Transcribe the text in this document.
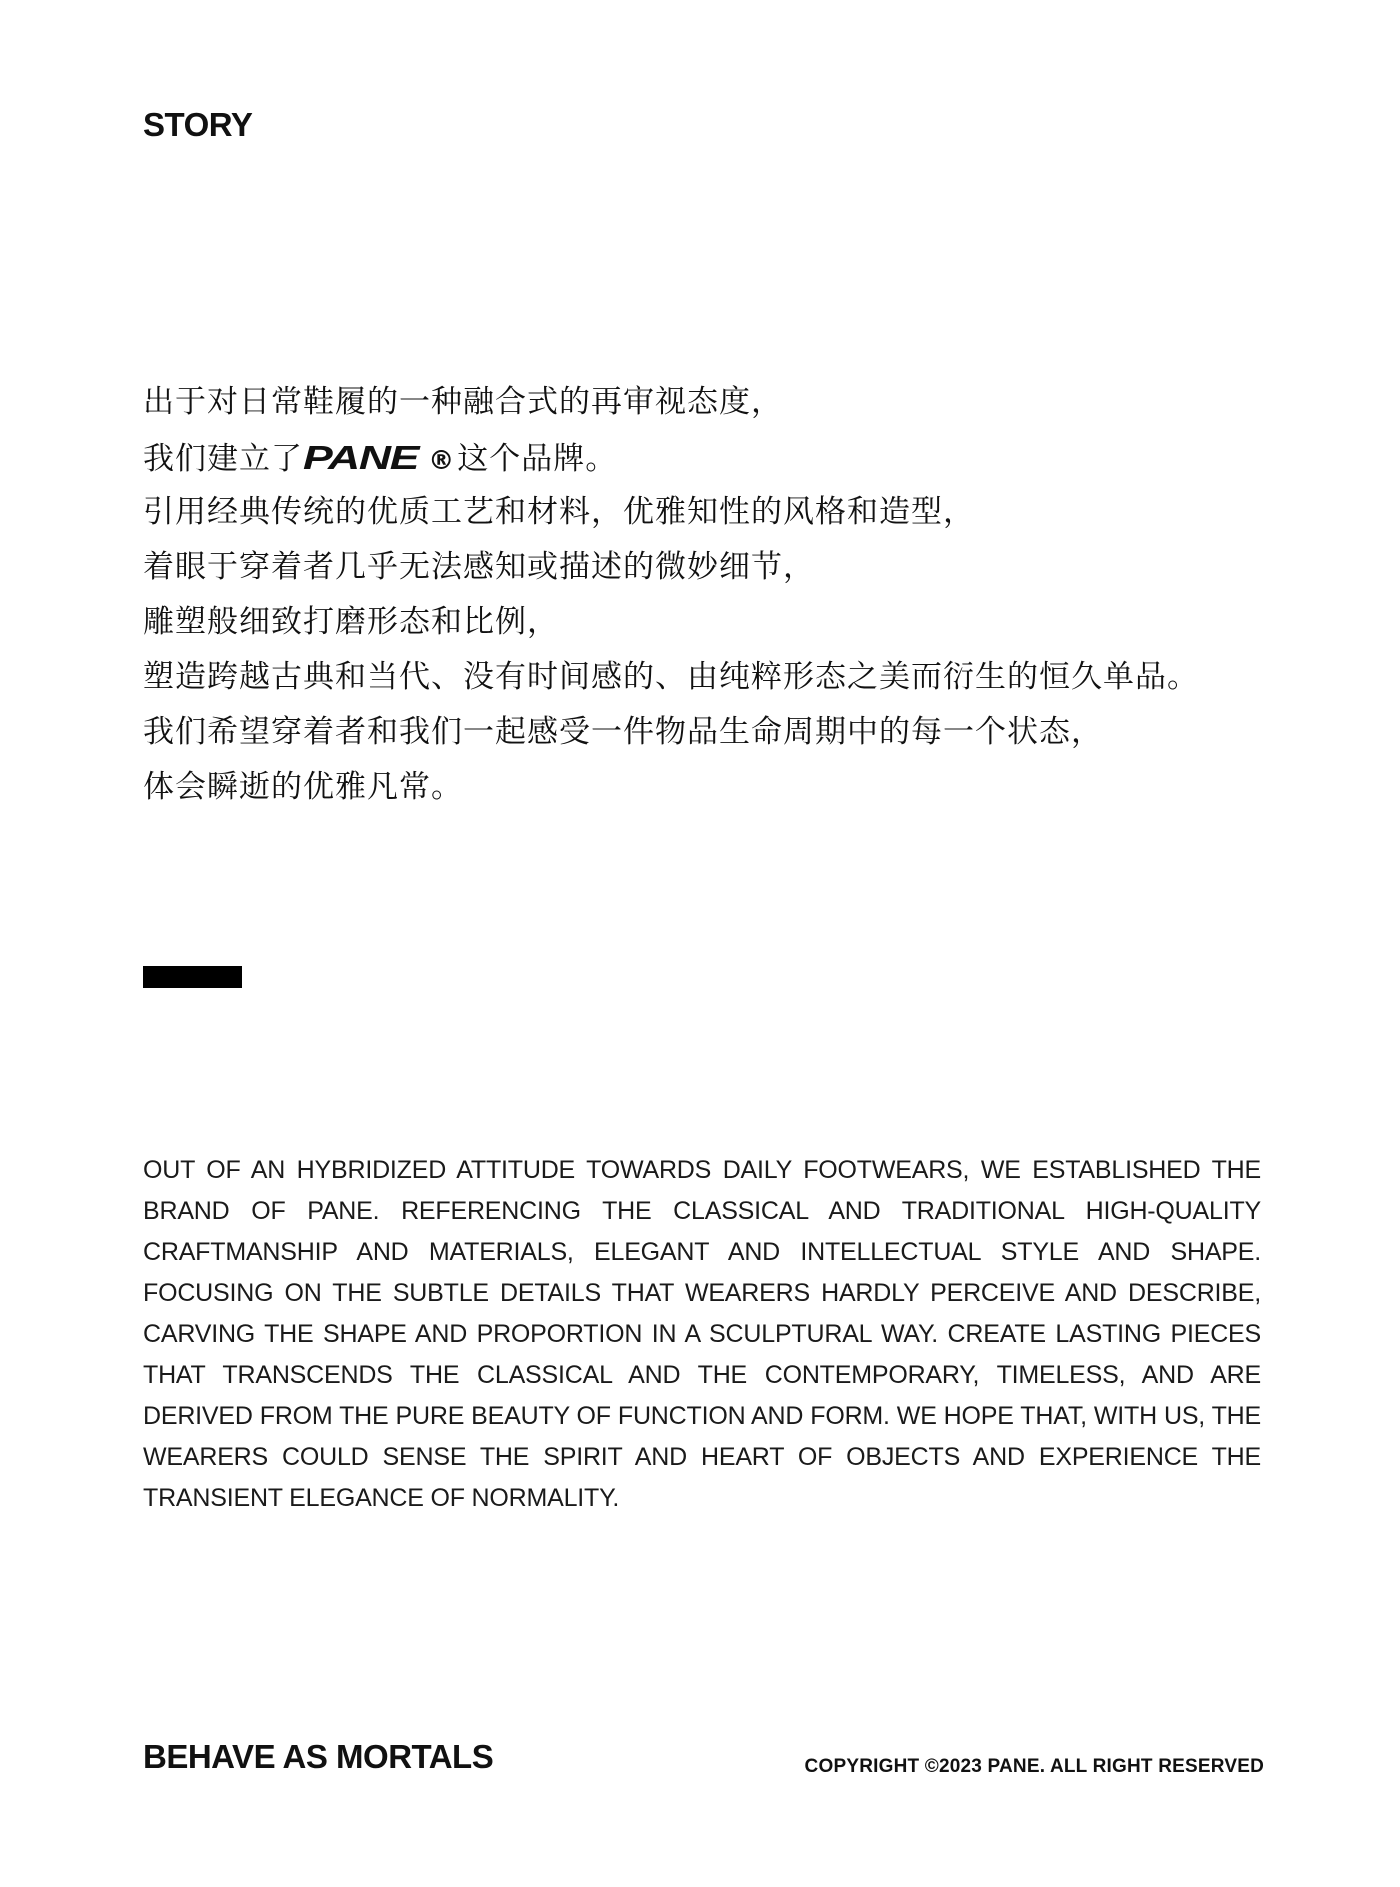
STORY
出于对日常鞋履的一种融合式的再审视态度，
我们建立了PANE ®这个品牌。
引用经典传统的优质工艺和材料，优雅知性的风格和造型，
着眼于穿着者几乎无法感知或描述的微妙细节，
雕塑般细致打磨形态和比例，
塑造跨越古典和当代、没有时间感的、由纯粹形态之美而衍生的恒久单品。
我们希望穿着者和我们一起感受一件物品生命周期中的每一个状态，
体会瞬逝的优雅凡常。
OUT OF AN HYBRIDIZED ATTITUDE TOWARDS DAILY FOOTWEARS, WE ESTABLISHED THE BRAND OF PANE. REFERENCING THE CLASSICAL AND TRADITIONAL HIGH-QUALITY CRAFTMANSHIP AND MATERIALS, ELEGANT AND INTELLECTUAL STYLE AND SHAPE. FOCUSING ON THE SUBTLE DETAILS THAT WEARERS HARDLY PERCEIVE AND DESCRIBE, CARVING THE SHAPE AND PROPORTION IN A SCULPTURAL WAY. CREATE LASTING PIECES THAT TRANSCENDS THE CLASSICAL AND THE CONTEMPORARY, TIMELESS, AND ARE DERIVED FROM THE PURE BEAUTY OF FUNCTION AND FORM. WE HOPE THAT, WITH US, THE WEARERS COULD SENSE THE SPIRIT AND HEART OF OBJECTS AND EXPERIENCE THE TRANSIENT ELEGANCE OF NORMALITY.
BEHAVE AS MORTALS	COPYRIGHT ©2023 PANE. ALL RIGHT RESERVED
